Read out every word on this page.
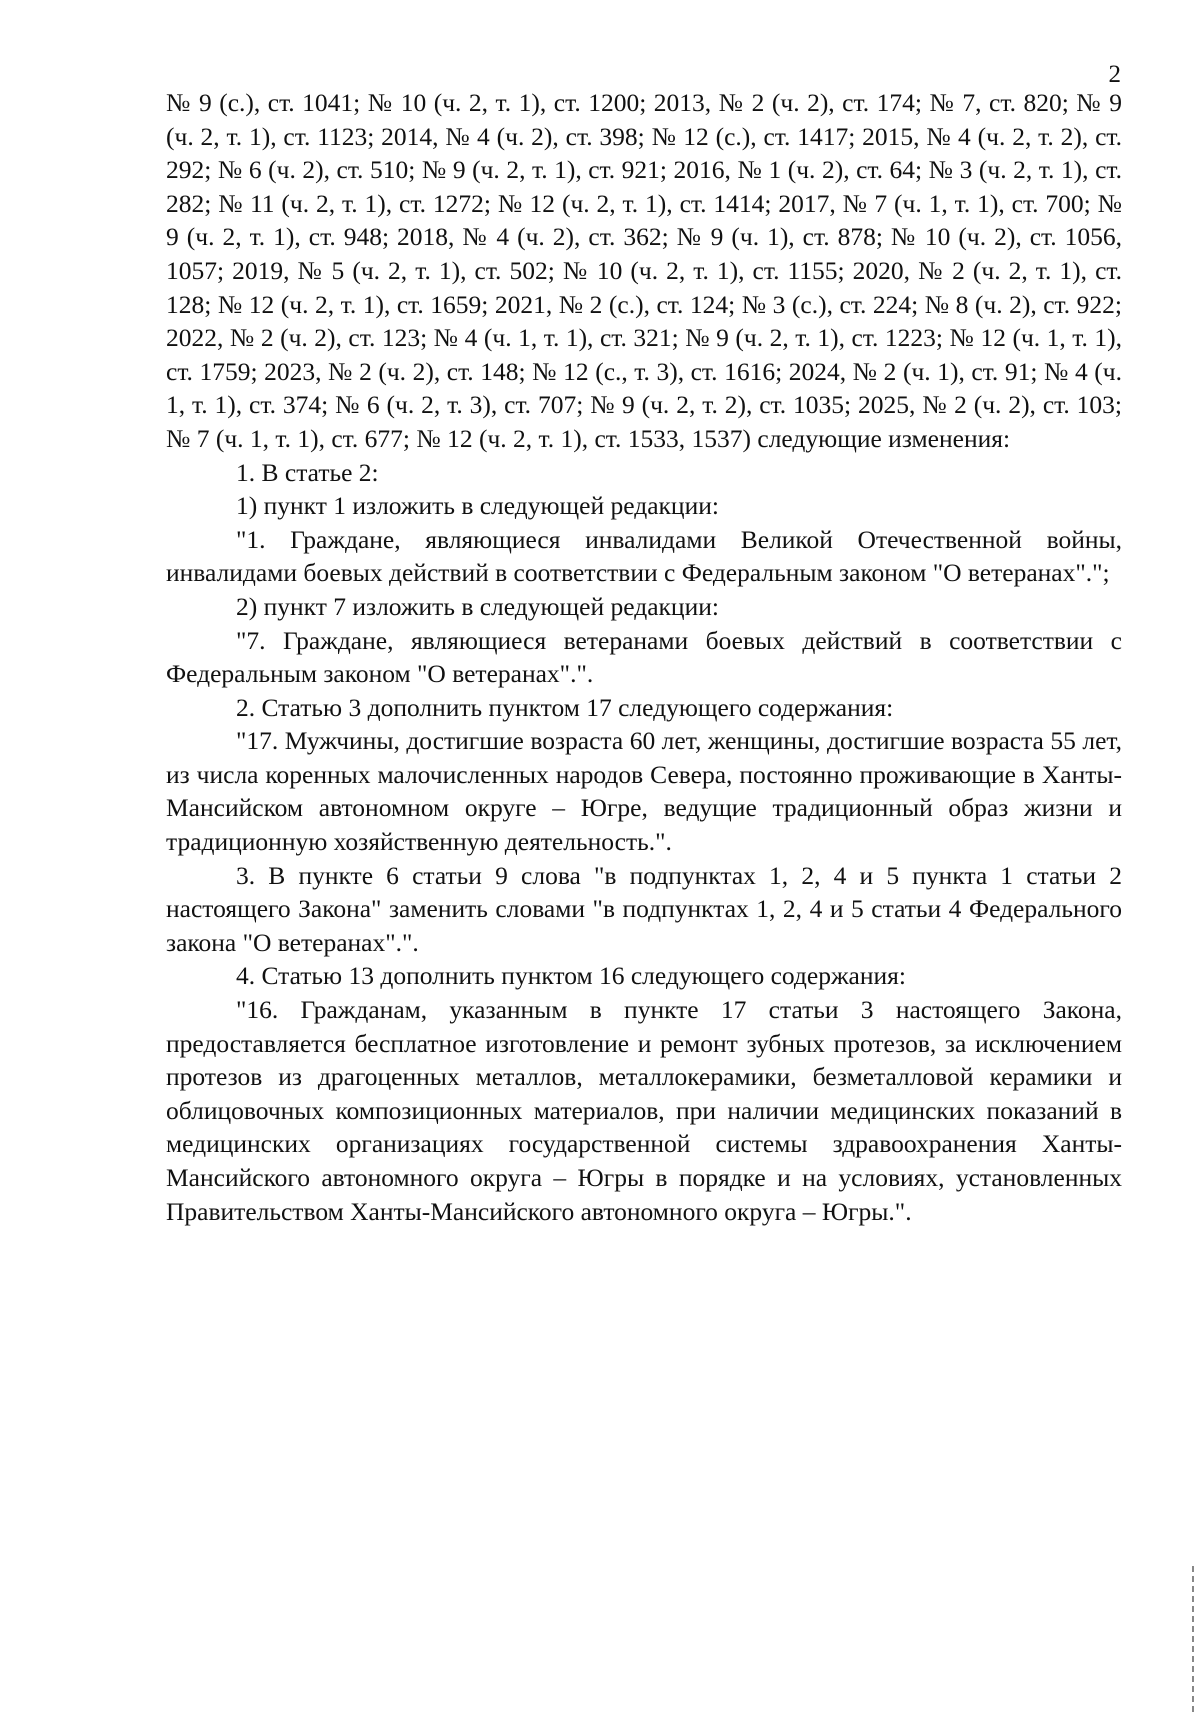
2

№ 9 (с.), ст. 1041; № 10 (ч. 2, т. 1), ст. 1200; 2013, № 2 (ч. 2), ст. 174; № 7, ст. 820; № 9 (ч. 2, т. 1), ст. 1123; 2014, № 4 (ч. 2), ст. 398; № 12 (с.), ст. 1417; 2015, № 4 (ч. 2, т. 2), ст. 292; № 6 (ч. 2), ст. 510; № 9 (ч. 2, т. 1), ст. 921; 2016, № 1 (ч. 2), ст. 64; № 3 (ч. 2, т. 1), ст. 282; № 11 (ч. 2, т. 1), ст. 1272; № 12 (ч. 2, т. 1), ст. 1414; 2017, № 7 (ч. 1, т. 1), ст. 700; № 9 (ч. 2, т. 1), ст. 948; 2018, № 4 (ч. 2), ст. 362; № 9 (ч. 1), ст. 878; № 10 (ч. 2), ст. 1056, 1057; 2019, № 5 (ч. 2, т. 1), ст. 502; № 10 (ч. 2, т. 1), ст. 1155; 2020, № 2 (ч. 2, т. 1), ст. 128; № 12 (ч. 2, т. 1), ст. 1659; 2021, № 2 (с.), ст. 124; № 3 (с.), ст. 224; № 8 (ч. 2), ст. 922; 2022, № 2 (ч. 2), ст. 123; № 4 (ч. 1, т. 1), ст. 321; № 9 (ч. 2, т. 1), ст. 1223; № 12 (ч. 1, т. 1), ст. 1759; 2023, № 2 (ч. 2), ст. 148; № 12 (с., т. 3), ст. 1616; 2024, № 2 (ч. 1), ст. 91; № 4 (ч. 1, т. 1), ст. 374; № 6 (ч. 2, т. 3), ст. 707; № 9 (ч. 2, т. 2), ст. 1035; 2025, № 2 (ч. 2), ст. 103; № 7 (ч. 1, т. 1), ст. 677; № 12 (ч. 2, т. 1), ст. 1533, 1537) следующие изменения:

1. В статье 2:

1) пункт 1 изложить в следующей редакции:

"1. Граждане, являющиеся инвалидами Великой Отечественной войны, инвалидами боевых действий в соответствии с Федеральным законом "О ветеранах".";

2) пункт 7 изложить в следующей редакции:

"7. Граждане, являющиеся ветеранами боевых действий в соответствии с Федеральным законом "О ветеранах".".

2. Статью 3 дополнить пунктом 17 следующего содержания:

"17. Мужчины, достигшие возраста 60 лет, женщины, достигшие возраста 55 лет, из числа коренных малочисленных народов Севера, постоянно проживающие в Ханты-Мансийском автономном округе – Югре, ведущие традиционный образ жизни и традиционную хозяйственную деятельность.".

3. В пункте 6 статьи 9 слова "в подпунктах 1, 2, 4 и 5 пункта 1 статьи 2 настоящего Закона" заменить словами "в подпунктах 1, 2, 4 и 5 статьи 4 Федерального закона "О ветеранах".".

4. Статью 13 дополнить пунктом 16 следующего содержания:

"16. Гражданам, указанным в пункте 17 статьи 3 настоящего Закона, предоставляется бесплатное изготовление и ремонт зубных протезов, за исключением протезов из драгоценных металлов, металлокерамики, безметалловой керамики и облицовочных композиционных материалов, при наличии медицинских показаний в медицинских организациях государственной системы здравоохранения Ханты-Мансийского автономного округа – Югры в порядке и на условиях, установленных Правительством Ханты-Мансийского автономного округа – Югры.".
